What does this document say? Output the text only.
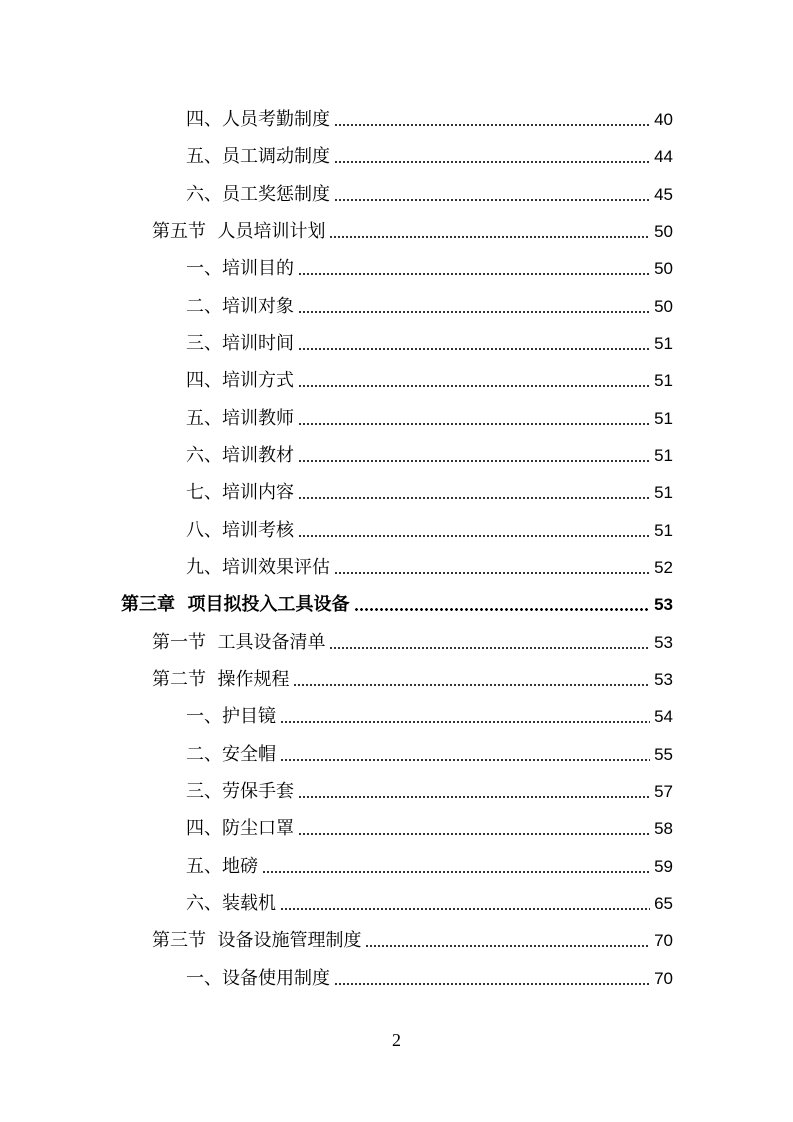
四、 人员考勤制度	40
五、 员工调动制度	44
六、 员工奖惩制度	45
第五节 人员培训计划	50
一、 培训目的	50
二、 培训对象	50
三、 培训时间	51
四、 培训方式	51
五、 培训教师	51
六、 培训教材	51
七、 培训内容	51
八、 培训考核	51
九、 培训效果评估	52
第三章 项目拟投入工具设备	53
第一节 工具设备清单	53
第二节 操作规程	53
一、 护目镜	54
二、 安全帽	55
三、 劳保手套	57
四、 防尘口罩	58
五、 地磅	59
六、 装载机	65
第三节 设备设施管理制度	70
一、 设备使用制度	70
2
